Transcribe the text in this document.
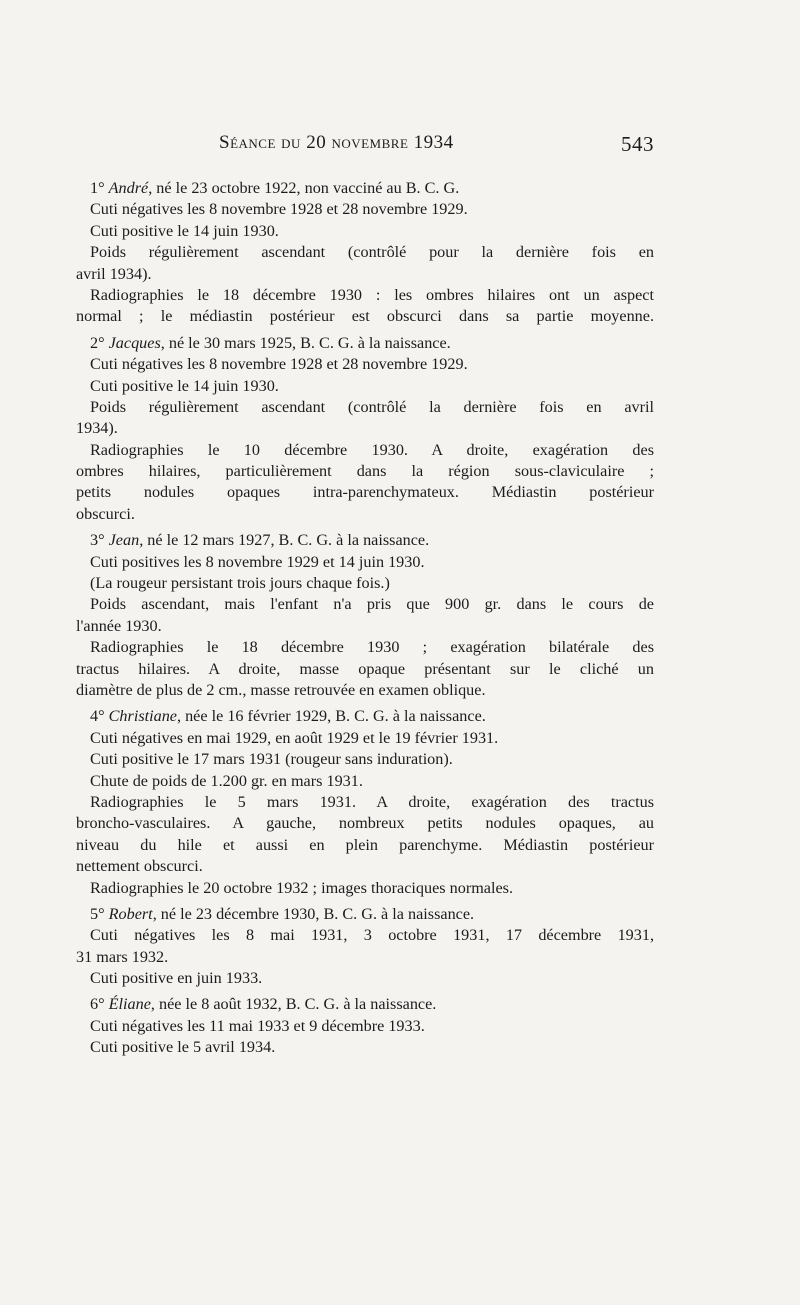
Séance du 20 novembre 1934	543
1° André, né le 23 octobre 1922, non vacciné au B. C. G.
Cuti négatives les 8 novembre 1928 et 28 novembre 1929.
Cuti positive le 14 juin 1930.
Poids régulièrement ascendant (contrôlé pour la dernière fois en
avril 1934).
Radiographies le 18 décembre 1930 : les ombres hilaires ont un aspect
normal ; le médiastin postérieur est obscurci dans sa partie moyenne.
2° Jacques, né le 30 mars 1925, B. C. G. à la naissance.
Cuti négatives les 8 novembre 1928 et 28 novembre 1929.
Cuti positive le 14 juin 1930.
Poids régulièrement ascendant (contrôlé la dernière fois en avril
1934).
Radiographies le 10 décembre 1930. A droite, exagération des
ombres hilaires, particulièrement dans la région sous-claviculaire ;
petits nodules opaques intra-parenchymateux. Médiastin postérieur
obscurci.
3° Jean, né le 12 mars 1927, B. C. G. à la naissance.
Cuti positives les 8 novembre 1929 et 14 juin 1930.
(La rougeur persistant trois jours chaque fois.)
Poids ascendant, mais l'enfant n'a pris que 900 gr. dans le cours de
l'année 1930.
Radiographies le 18 décembre 1930 ; exagération bilatérale des
tractus hilaires. A droite, masse opaque présentant sur le cliché un
diamètre de plus de 2 cm., masse retrouvée en examen oblique.
4° Christiane, née le 16 février 1929, B. C. G. à la naissance.
Cuti négatives en mai 1929, en août 1929 et le 19 février 1931.
Cuti positive le 17 mars 1931 (rougeur sans induration).
Chute de poids de 1.200 gr. en mars 1931.
Radiographies le 5 mars 1931. A droite, exagération des tractus
broncho-vasculaires. A gauche, nombreux petits nodules opaques, au
niveau du hile et aussi en plein parenchyme. Médiastin postérieur
nettement obscurci.
Radiographies le 20 octobre 1932 ; images thoraciques normales.
5° Robert, né le 23 décembre 1930, B. C. G. à la naissance.
Cuti négatives les 8 mai 1931, 3 octobre 1931, 17 décembre 1931,
31 mars 1932.
Cuti positive en juin 1933.
6° Éliane, née le 8 août 1932, B. C. G. à la naissance.
Cuti négatives les 11 mai 1933 et 9 décembre 1933.
Cuti positive le 5 avril 1934.
